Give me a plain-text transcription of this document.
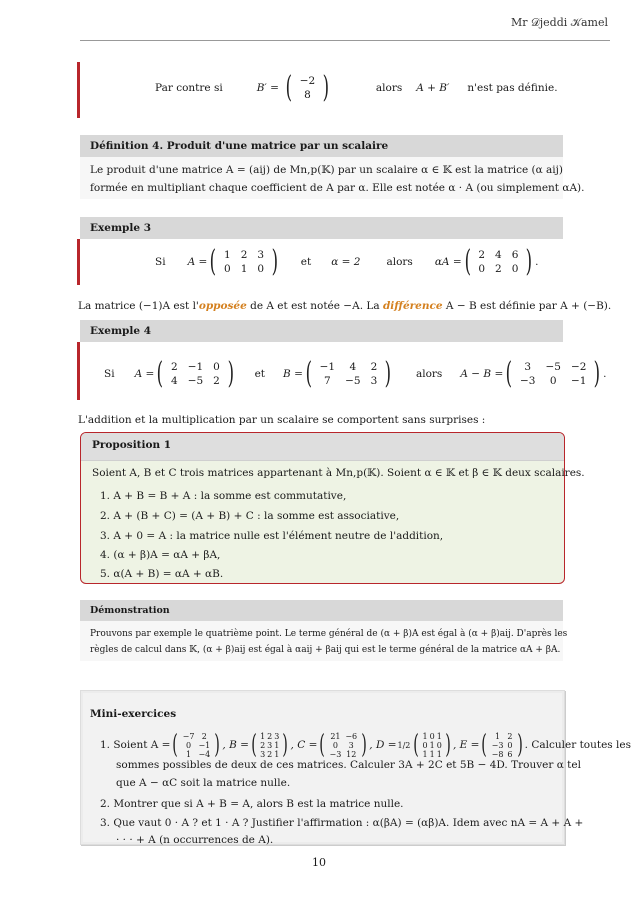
Mr 𝒟jeddi 𝒦amel
Par contre si	B′ = ( −2
8 )	alors A + B′ n'est pas définie.
Définition 4. Produit d'une matrice par un scalaire
Le produit d'une matrice A = (aij) de Mn,p(𝕂) par un scalaire α ∈ 𝕂 est la matrice (α aij)
formée en multipliant chaque coefficient de A par α. Elle est notée α · A (ou simplement αA).
Exemple 3
Si A = ( 1	2	3
0	1	0 ) et α = 2 alors αA = ( 2	4	6
0	2	0 ) .
La matrice (−1)A est l'opposée de A et est notée −A. La différence A − B est définie par A + (−B).
Exemple 4
Si A = ( 2	−1	0
4	−5	2 ) et B = ( −1	4	2
7	−5	3 ) alors A − B = ( 3	−5	−2
−3	0	−1 ) .
L'addition et la multiplication par un scalaire se comportent sans surprises :
Proposition 1
Soient A, B et C trois matrices appartenant à Mn,p(𝕂). Soient α ∈ 𝕂 et β ∈ 𝕂 deux scalaires.
1. A + B = B + A : la somme est commutative,
2. A + (B + C) = (A + B) + C : la somme est associative,
3. A + 0 = A : la matrice nulle est l'élément neutre de l'addition,
4. (α + β)A = αA + βA,
5. α(A + B) = αA + αB.
Démonstration
Prouvons par exemple le quatrième point. Le terme général de (α + β)A est égal à (α + β)aij. D'après les
règles de calcul dans 𝕂, (α + β)aij est égal à αaij + βaij qui est le terme général de la matrice αA + βA.
Mini-exercices
1. Soient A = ( −7	2
0	−1
1	−4 ) , B = ( 1	2	3
2	3	1
3	2	1 ) , C = ( 21	−6
0	3
−3	12 ) , D = 1/2 ( 1	0	1
0	1	0
1	1	1 ) , E = ( 1	2
−3	0
−8	6 ) . Calculer toutes les
sommes possibles de deux de ces matrices. Calculer 3A + 2C et 5B − 4D. Trouver α tel
que A − αC soit la matrice nulle.
2. Montrer que si A + B = A, alors B est la matrice nulle.
3. Que vaut 0 · A ? et 1 · A ? Justifier l'affirmation : α(βA) = (αβ)A. Idem avec nA = A + A +
· · · + A (n occurrences de A).
10
